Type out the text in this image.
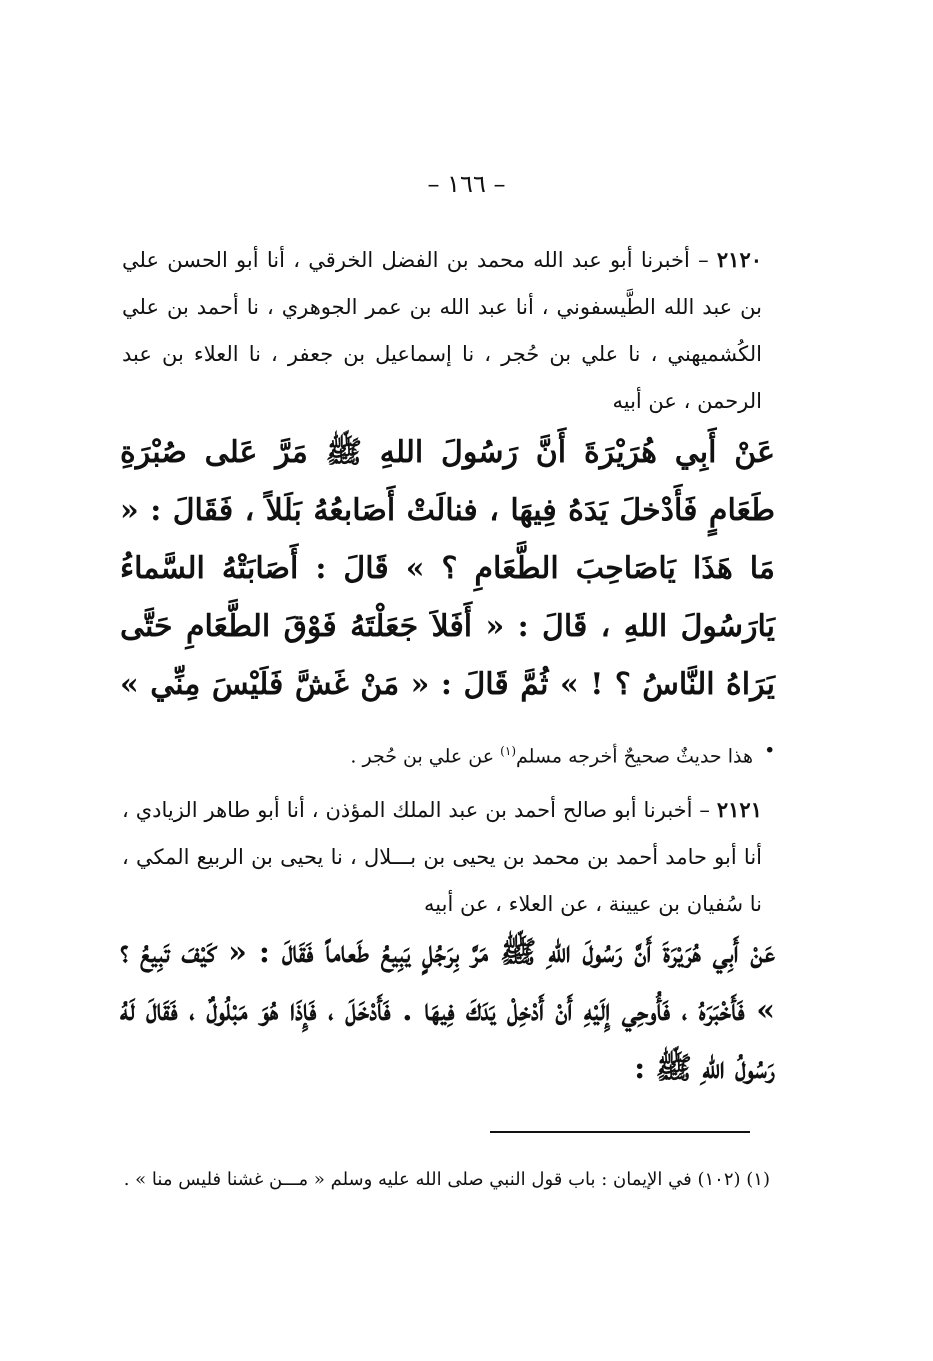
– ١٦٦ –
٢١٢٠ – أخبرنا أبو عبد الله محمد بن الفضل الخرقي ، أنا أبو الحسن علي بن عبد الله الطَّيسفوني ، أنا عبد الله بن عمر الجوهري ، نا أحمد بن علي الكُشميهني ، نا علي بن حُجر ، نا إسماعيل بن جعفر ، نا العلاء بن عبد الرحمن ، عن أبيه
عَنْ أَبِي هُرَيْرَةَ أَنَّ رَسُولَ اللهِ ﷺ مَرَّ عَلى صُبْرَةِ طَعَامٍ فَأَدْخلَ يَدَهُ فِيهَا ، فنالَتْ أَصَابعُهُ بَلَلاً ، فَقَالَ : « مَا هَذَا يَاصَاحِبَ الطَّعَامِ ؟ » قَالَ : أَصَابَتْهُ السَّماءُ يَارَسُولَ اللهِ ، قَالَ : « أَفَلاَ جَعَلْتَهُ فَوْقَ الطَّعَامِ حَتَّى يَرَاهُ النَّاسُ ؟ ! » ثُمَّ قَالَ : « مَنْ غَشَّ فَلَيْسَ مِنِّي » .
هذا حديثٌ صحيحٌ أخرجه مسلم$^{(١)}$ عن علي بن حُجر .
٢١٢١ – أخبرنا أبو صالح أحمد بن عبد الملك المؤذن ، أنا أبو طاهر الزيادي ، أنا أبو حامد أحمد بن محمد بن يحيى بن بـــلال ، نا يحيى بن الربيع المكي ، نا سُفيان بن عيينة ، عن العلاء ، عن أبيه
عَنْ أَبِي هُرَيْرَةَ أَنَّ رَسُولَ اللهِ ﷺ مَرَّ بِرَجُلٍ يَبِيعُ طَعاماً فَقَالَ : « كَيْفَ تَبِيعُ ؟ » فَأَخْبَرَهُ ، فَأُوحِي إِلَيْهِ أَنْ أَدْخِلْ يَدَكَ فِيهَا . فَأَدْخَلَ ، فَإِذَا هُوَ مَبْلُولٌ ، فَقَالَ لَهُ رَسُولُ اللهِ ﷺ :
(١) (١٠٢) في الإيمان : باب قول النبي صلى الله عليه وسلم « مـــن غشنا فليس منا » .
